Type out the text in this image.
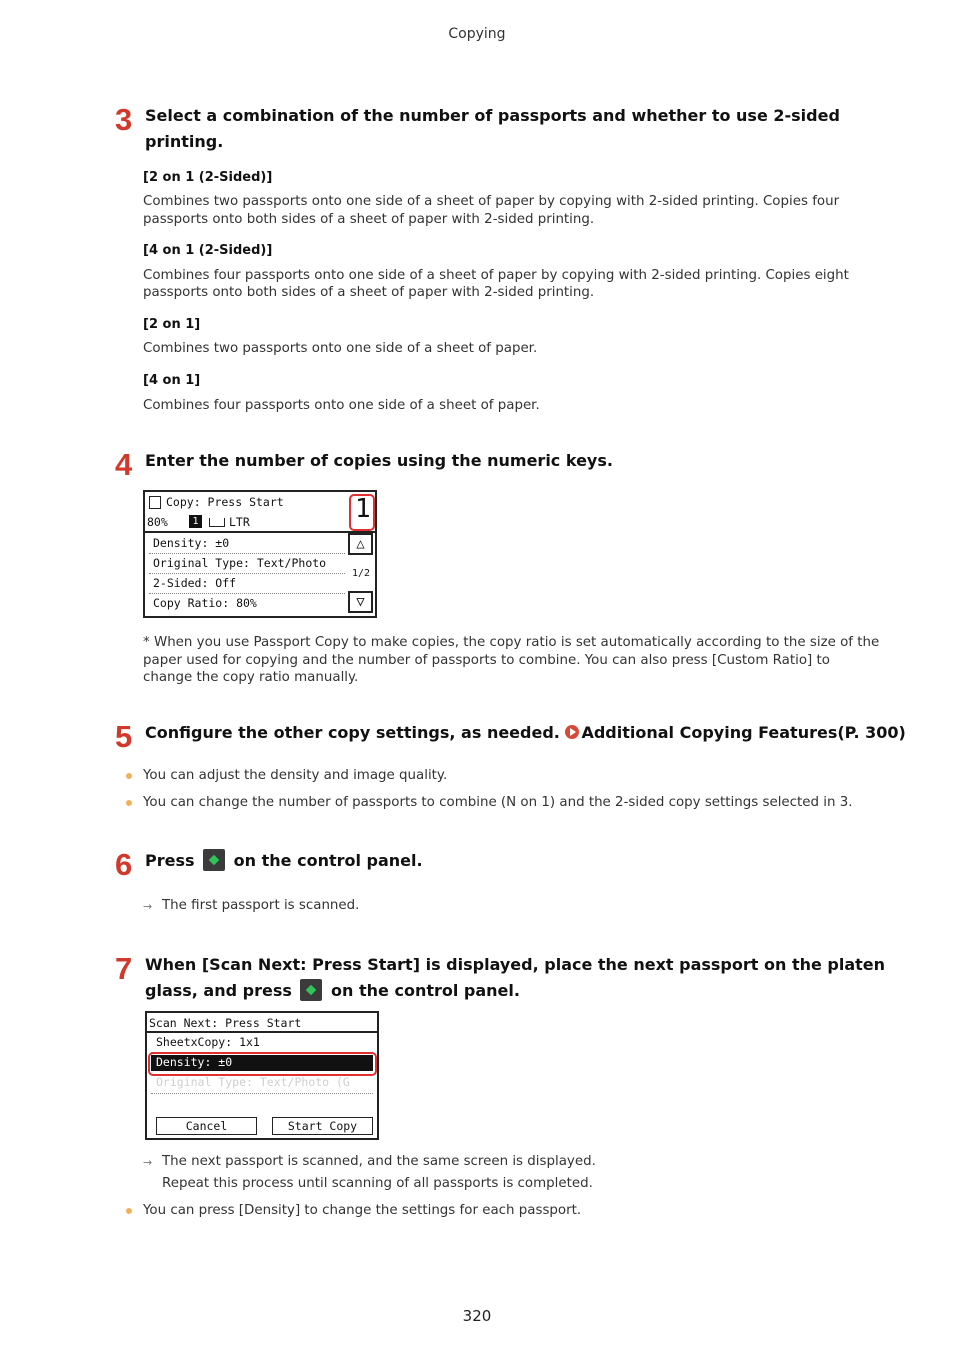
Copying
3 Select a combination of the number of passports and whether to use 2-sided
printing.
[2 on 1 (2-Sided)]
Combines two passports onto one side of a sheet of paper by copying with 2-sided printing. Copies four
passports onto both sides of a sheet of paper with 2-sided printing.
[4 on 1 (2-Sided)]
Combines four passports onto one side of a sheet of paper by copying with 2-sided printing. Copies eight
passports onto both sides of a sheet of paper with 2-sided printing.
[2 on 1]
Combines two passports onto one side of a sheet of paper.
[4 on 1]
Combines four passports onto one side of a sheet of paper.
4 Enter the number of copies using the numeric keys.
Copy: Press Start
80%	1	LTR	1
Density: ±0
Original Type: Text/Photo
2-Sided: Off
Copy Ratio: 80%
△
1/2
▽
* When you use Passport Copy to make copies, the copy ratio is set automatically according to the size of the
paper used for copying and the number of passports to combine. You can also press [Custom Ratio] to
change the copy ratio manually.
5 Configure the other copy settings, as needed. Additional Copying Features(P. 300)
You can adjust the density and image quality.
You can change the number of passports to combine (N on 1) and the 2-sided copy settings selected in 3.
6 Press on the control panel.
→ The first passport is scanned.
7 When [Scan Next: Press Start] is displayed, place the next passport on the platen
glass, and press on the control panel.
Scan Next: Press Start
SheetxCopy: 1x1
Density: ±0
Original Type: Text/Photo (G
Cancel	Start Copy
→ The next passport is scanned, and the same screen is displayed.
Repeat this process until scanning of all passports is completed.
You can press [Density] to change the settings for each passport.
320
